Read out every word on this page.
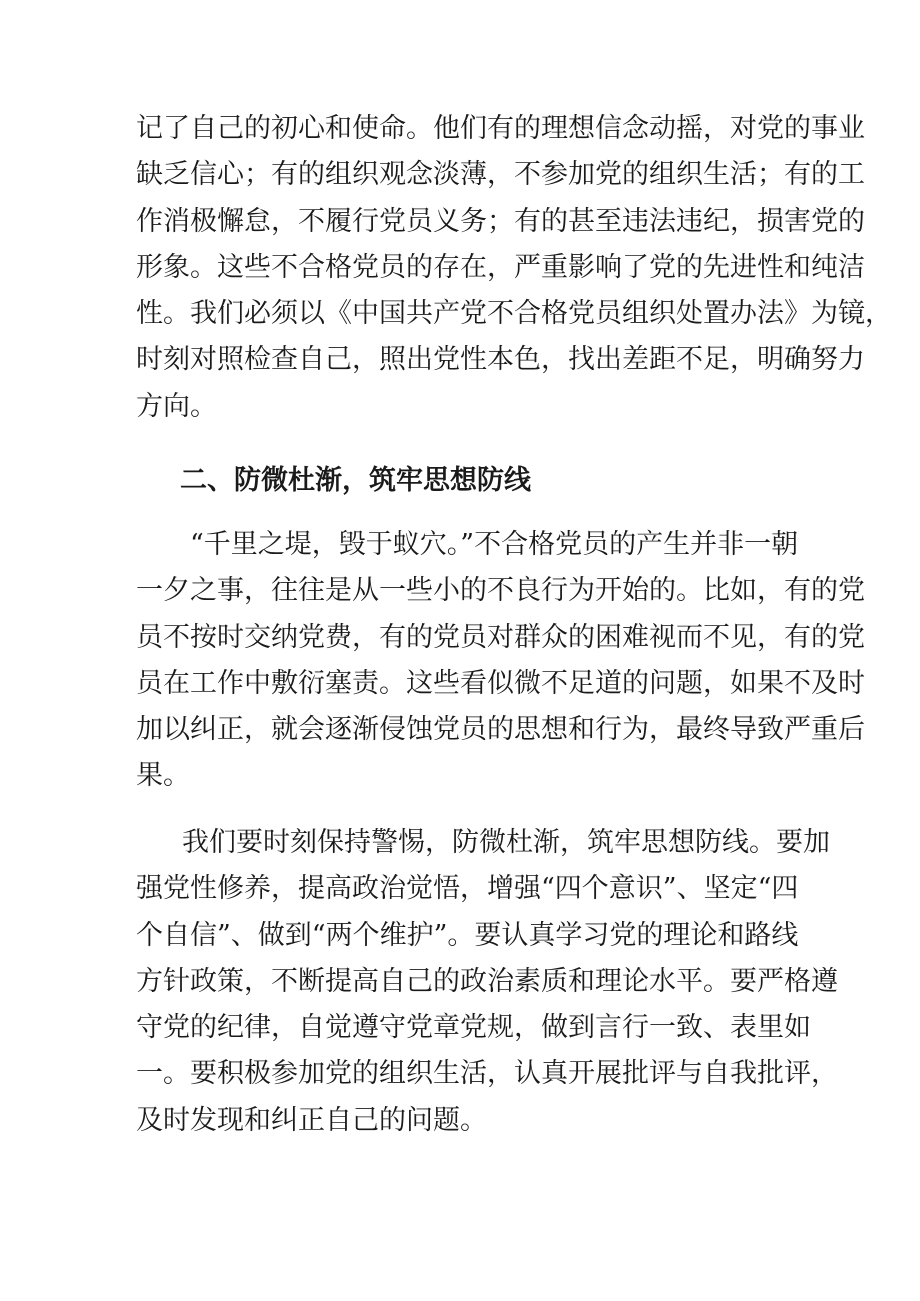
记了自己的初心和使命。他们有的理想信念动摇，对党的事业
缺乏信心；有的组织观念淡薄，不参加党的组织生活；有的工
作消极懈怠，不履行党员义务；有的甚至违法违纪，损害党的
形象。这些不合格党员的存在，严重影响了党的先进性和纯洁
性。我们必须以《中国共产党不合格党员组织处置办法》为镜，
时刻对照检查自己，照出党性本色，找出差距不足，明确努力
方向。
二、防微杜渐，筑牢思想防线
“千里之堤，毁于蚁穴。”不合格党员的产生并非一朝
一夕之事，往往是从一些小的不良行为开始的。比如，有的党
员不按时交纳党费，有的党员对群众的困难视而不见，有的党
员在工作中敷衍塞责。这些看似微不足道的问题，如果不及时
加以纠正，就会逐渐侵蚀党员的思想和行为，最终导致严重后
果。
我们要时刻保持警惕，防微杜渐，筑牢思想防线。要加
强党性修养，提高政治觉悟，增强“四个意识”、坚定“四
个自信”、做到“两个维护”。要认真学习党的理论和路线
方针政策，不断提高自己的政治素质和理论水平。要严格遵
守党的纪律，自觉遵守党章党规，做到言行一致、表里如
一。要积极参加党的组织生活，认真开展批评与自我批评，
及时发现和纠正自己的问题。
